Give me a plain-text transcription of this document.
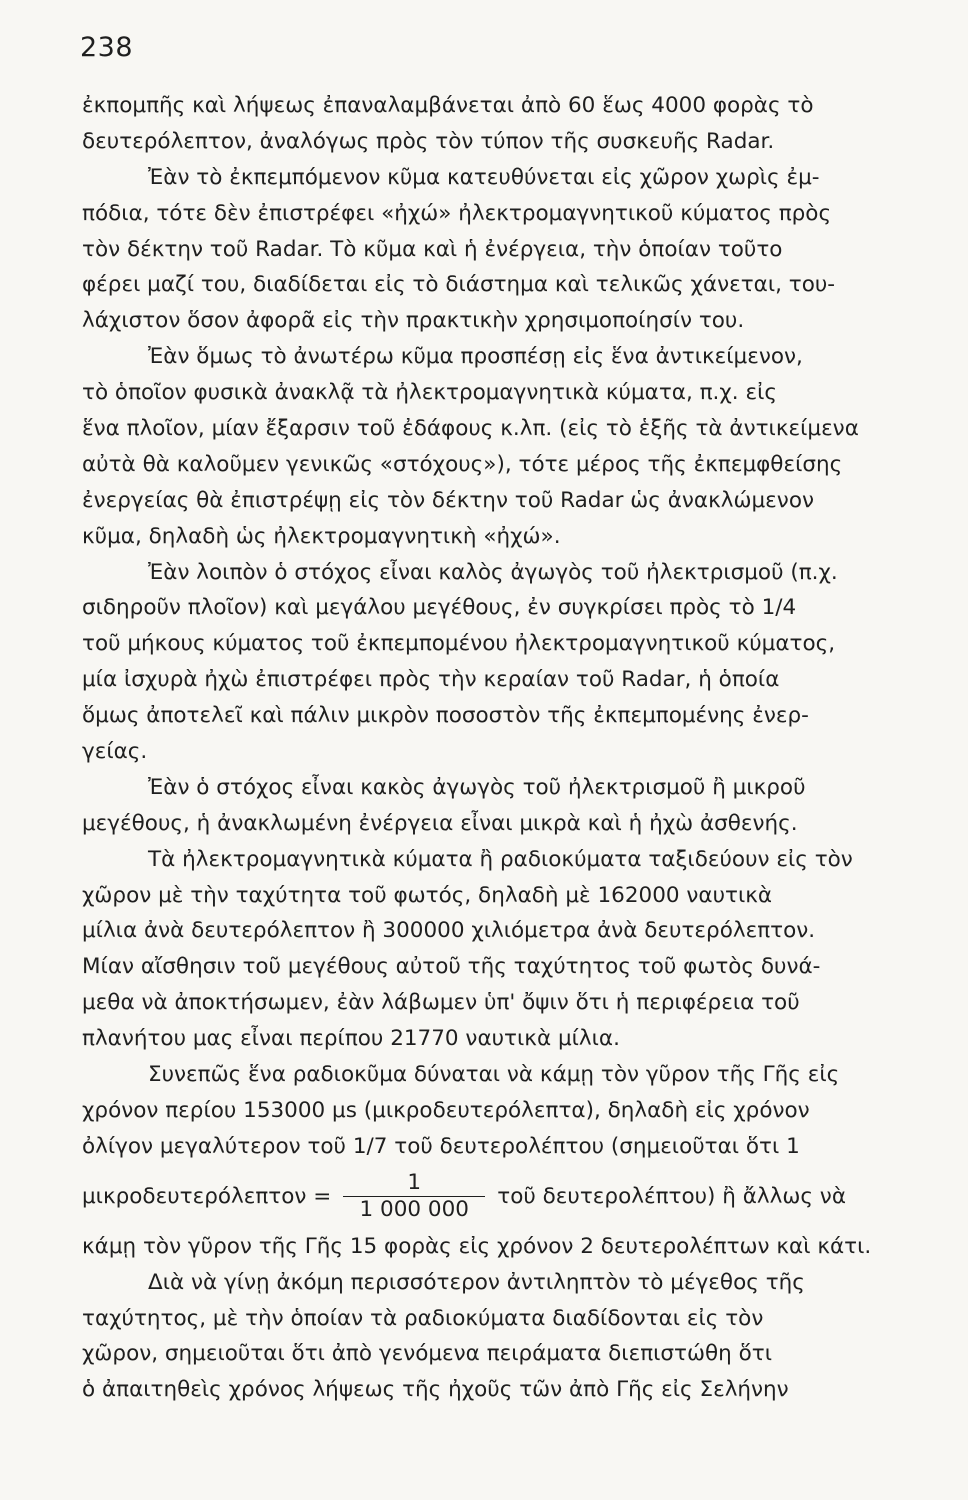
238
ἐκπομπῆς καὶ λήψεως ἐπαναλαμβάνεται ἀπὸ 60 ἕως 4000 φορὰς τὸ
δευτερόλεπτον, ἀναλόγως πρὸς τὸν τύπον τῆς συσκευῆς Radar.
Ἐὰν τὸ ἐκπεμπόμενον κῦμα κατευθύνεται εἰς χῶρον χωρὶς ἐμ-
πόδια, τότε δὲν ἐπιστρέφει «ἠχώ» ἠλεκτρομαγνητικοῦ κύματος πρὸς
τὸν δέκτην τοῦ Radar. Τὸ κῦμα καὶ ἡ ἐνέργεια, τὴν ὁποίαν τοῦτο
φέρει μαζί του, διαδίδεται εἰς τὸ διάστημα καὶ τελικῶς χάνεται, του-
λάχιστον ὅσον ἀφορᾶ εἰς τὴν πρακτικὴν χρησιμοποίησίν του.
Ἐὰν ὅμως τὸ ἀνωτέρω κῦμα προσπέσῃ εἰς ἕνα ἀντικείμενον,
τὸ ὁποῖον φυσικὰ ἀνακλᾷ τὰ ἠλεκτρομαγνητικὰ κύματα, π.χ. εἰς
ἕνα πλοῖον, μίαν ἔξαρσιν τοῦ ἐδάφους κ.λπ. (εἰς τὸ ἑξῆς τὰ ἀντικείμενα
αὐτὰ θὰ καλοῦμεν γενικῶς «στόχους»), τότε μέρος τῆς ἐκπεμφθείσης
ἐνεργείας θὰ ἐπιστρέψῃ εἰς τὸν δέκτην τοῦ Radar ὡς ἀνακλώμενον
κῦμα, δηλαδὴ ὡς ἠλεκτρομαγνητικὴ «ἠχώ».
Ἐὰν λοιπὸν ὁ στόχος εἶναι καλὸς ἀγωγὸς τοῦ ἠλεκτρισμοῦ (π.χ.
σιδηροῦν πλοῖον) καὶ μεγάλου μεγέθους, ἐν συγκρίσει πρὸς τὸ 1/4
τοῦ μήκους κύματος τοῦ ἐκπεμπομένου ἠλεκτρομαγνητικοῦ κύματος,
μία ἰσχυρὰ ἠχὼ ἐπιστρέφει πρὸς τὴν κεραίαν τοῦ Radar, ἡ ὁποία
ὅμως ἀποτελεῖ καὶ πάλιν μικρὸν ποσοστὸν τῆς ἐκπεμπομένης ἐνερ-
γείας.
Ἐὰν ὁ στόχος εἶναι κακὸς ἀγωγὸς τοῦ ἠλεκτρισμοῦ ἢ μικροῦ
μεγέθους, ἡ ἀνακλωμένη ἐνέργεια εἶναι μικρὰ καὶ ἡ ἠχὼ ἀσθενής.
Τὰ ἠλεκτρομαγνητικὰ κύματα ἢ ραδιοκύματα ταξιδεύουν εἰς τὸν
χῶρον μὲ τὴν ταχύτητα τοῦ φωτός, δηλαδὴ μὲ 162000 ναυτικὰ
μίλια ἀνὰ δευτερόλεπτον ἢ 300000 χιλιόμετρα ἀνὰ δευτερόλεπτον.
Μίαν αἴσθησιν τοῦ μεγέθους αὐτοῦ τῆς ταχύτητος τοῦ φωτὸς δυνά-
μεθα νὰ ἀποκτήσωμεν, ἐὰν λάβωμεν ὑπ' ὄψιν ὅτι ἡ περιφέρεια τοῦ
πλανήτου μας εἶναι περίπου 21770 ναυτικὰ μίλια.
Συνεπῶς ἕνα ραδιοκῦμα δύναται νὰ κάμῃ τὸν γῦρον τῆς Γῆς εἰς
χρόνον περίου 153000 μs (μικροδευτερόλεπτα), δηλαδὴ εἰς χρόνον
ὀλίγον μεγαλύτερον τοῦ 1/7 τοῦ δευτερολέπτου (σημειοῦται ὅτι 1
$\mu\iota\kappa\rho o\delta\varepsilon\upsilon\tau\varepsilon\rho ό\lambda\varepsilon\pi\tau o\nu = \frac{1}{1 000 000}$ τοῦ δευτερολέπτου) ἢ ἄλλως νὰ
κάμῃ τὸν γῦρον τῆς Γῆς 15 φορὰς εἰς χρόνον 2 δευτερολέπτων καὶ κάτι.
Διὰ νὰ γίνῃ ἀκόμη περισσότερον ἀντιληπτὸν τὸ μέγεθος τῆς
ταχύτητος, μὲ τὴν ὁποίαν τὰ ραδιοκύματα διαδίδονται εἰς τὸν
χῶρον, σημειοῦται ὅτι ἀπὸ γενόμενα πειράματα διεπιστώθη ὅτι
ὁ ἀπαιτηθεὶς χρόνος λήψεως τῆς ἠχοῦς τῶν ἀπὸ Γῆς εἰς Σελήνην
